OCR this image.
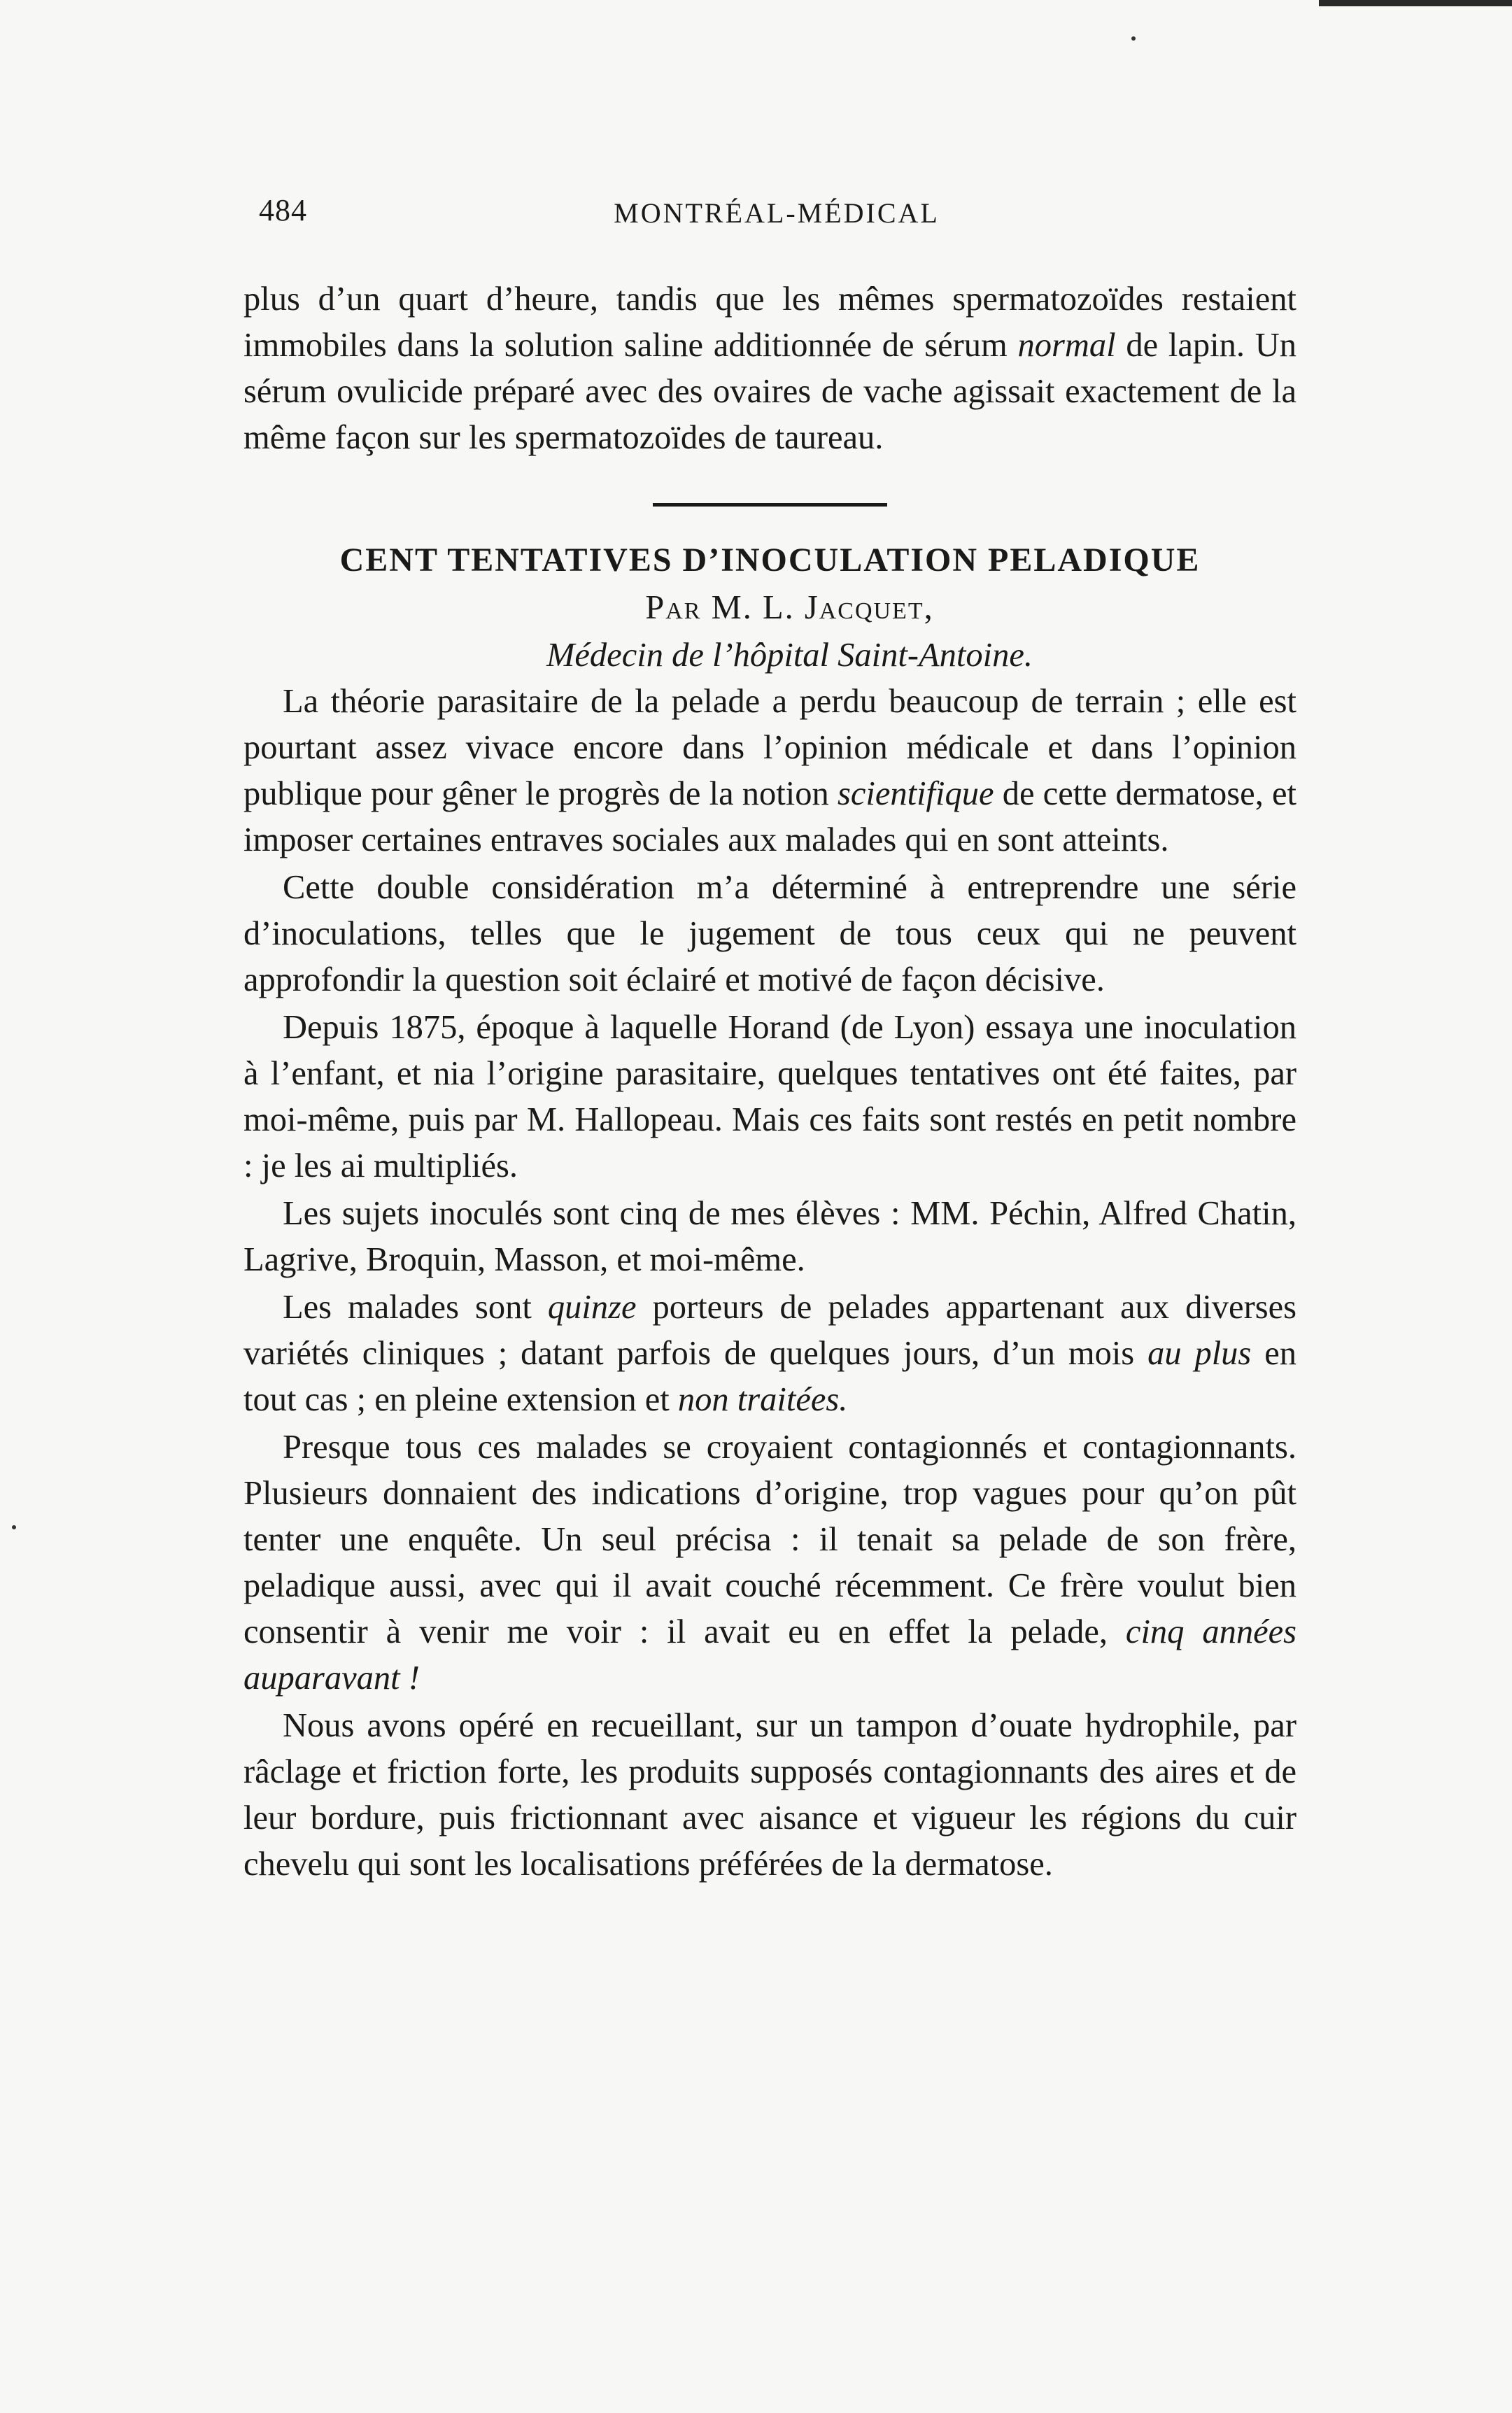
484	MONTRÉAL-MÉDICAL

plus d’un quart d’heure, tandis que les mêmes spermatozoïdes restaient immobiles dans la solution saline additionnée de sérum normal de lapin. Un sérum ovulicide préparé avec des ovaires de vache agissait exactement de la même façon sur les spermatozoïdes de taureau.

CENT TENTATIVES D’INOCULATION PELADIQUE

Par M. L. Jacquet,

Médecin de l’hôpital Saint-Antoine.

La théorie parasitaire de la pelade a perdu beaucoup de terrain ; elle est pourtant assez vivace encore dans l’opinion médicale et dans l’opinion publique pour gêner le progrès de la notion scientifique de cette dermatose, et imposer certaines entraves sociales aux malades qui en sont atteints.

Cette double considération m’a déterminé à entreprendre une série d’inoculations, telles que le jugement de tous ceux qui ne peuvent approfondir la question soit éclairé et motivé de façon décisive.

Depuis 1875, époque à laquelle Horand (de Lyon) essaya une inoculation à l’enfant, et nia l’origine parasitaire, quelques tentatives ont été faites, par moi-même, puis par M. Hallopeau. Mais ces faits sont restés en petit nombre : je les ai multipliés.

Les sujets inoculés sont cinq de mes élèves : MM. Péchin, Alfred Chatin, Lagrive, Broquin, Masson, et moi-même.

Les malades sont quinze porteurs de pelades appartenant aux diverses variétés cliniques ; datant parfois de quelques jours, d’un mois au plus en tout cas ; en pleine extension et non traitées.

Presque tous ces malades se croyaient contagionnés et contagionnants. Plusieurs donnaient des indications d’origine, trop vagues pour qu’on pût tenter une enquête. Un seul précisa : il tenait sa pelade de son frère, peladique aussi, avec qui il avait couché récemment. Ce frère voulut bien consentir à venir me voir : il avait eu en effet la pelade, cinq années auparavant !

Nous avons opéré en recueillant, sur un tampon d’ouate hydrophile, par râclage et friction forte, les produits supposés contagionnants des aires et de leur bordure, puis frictionnant avec aisance et vigueur les régions du cuir chevelu qui sont les localisations préférées de la dermatose.
